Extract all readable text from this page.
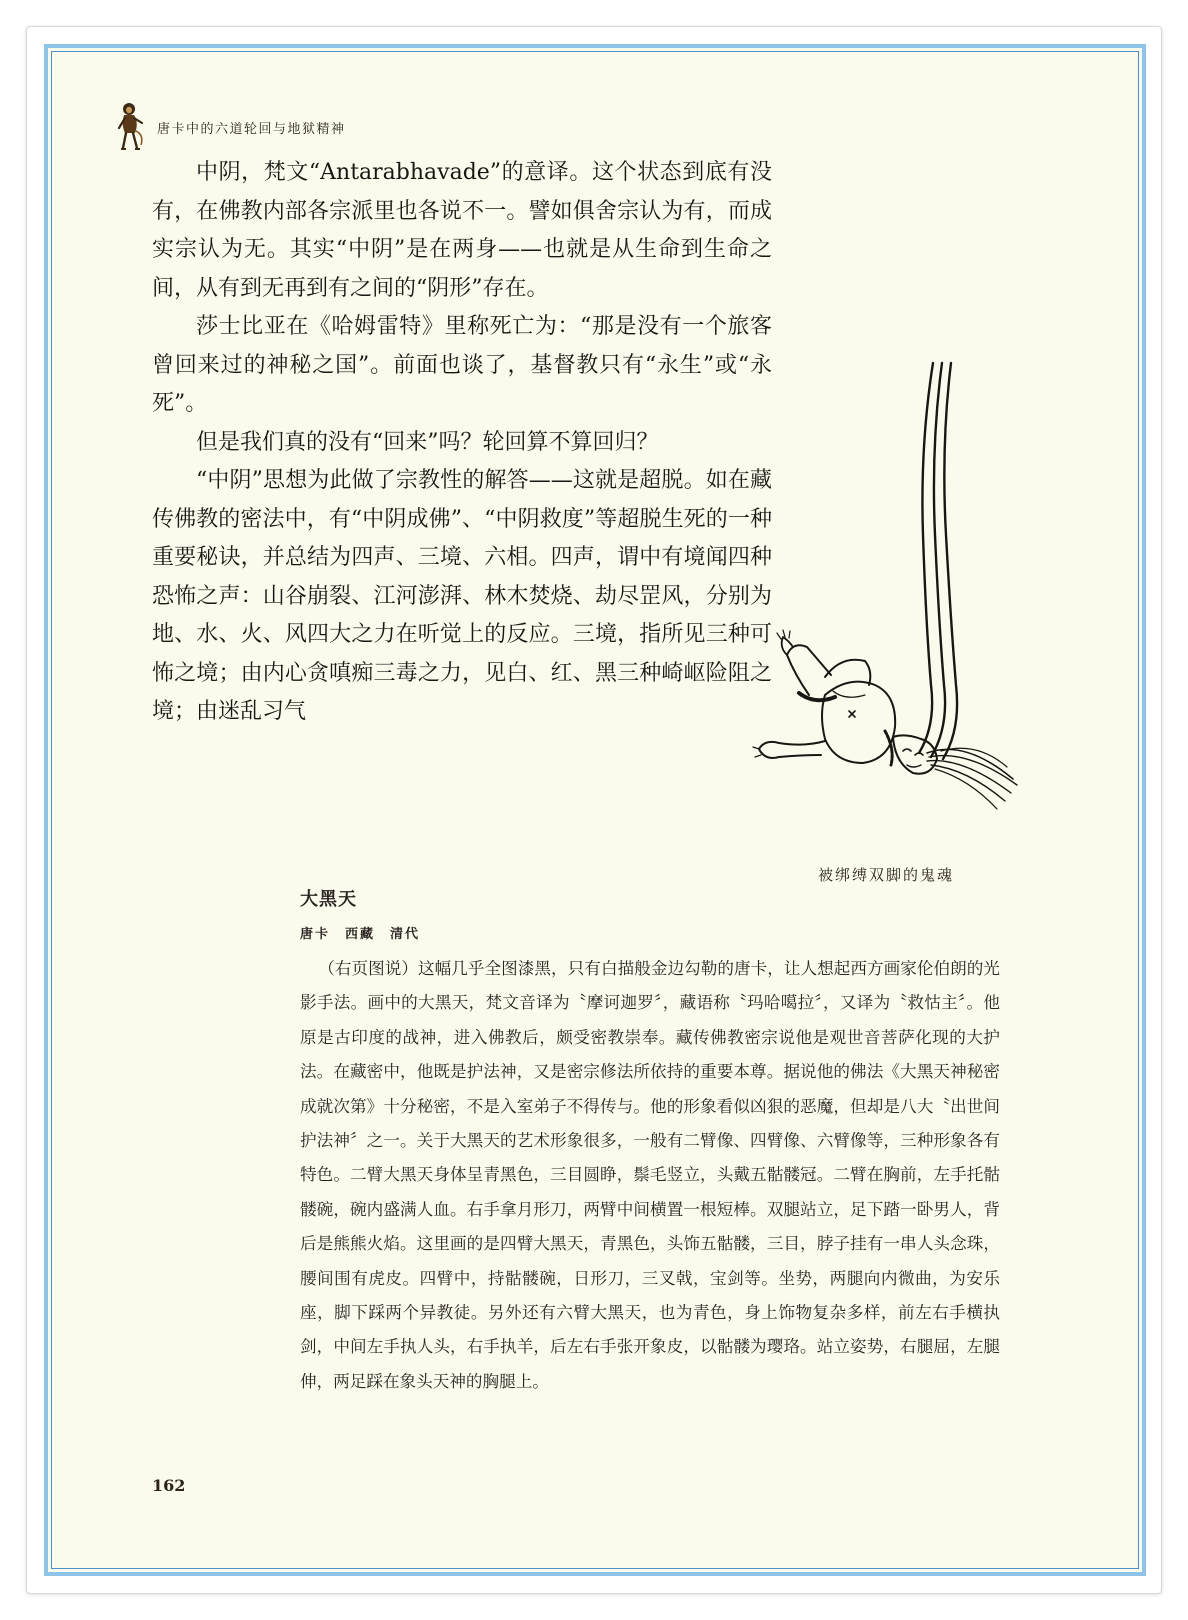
唐卡中的六道轮回与地狱精神

中阴，梵文“Antarabhavade”的意译。这个状态到底有没有，在佛教内部各宗派里也各说不一。譬如俱舍宗认为有，而成实宗认为无。其实“中阴”是在两身——也就是从生命到生命之间，从有到无再到有之间的“阴形”存在。

莎士比亚在《哈姆雷特》里称死亡为：“那是没有一个旅客曾回来过的神秘之国”。前面也谈了，基督教只有“永生”或“永死”。

但是我们真的没有“回来”吗？轮回算不算回归？

“中阴”思想为此做了宗教性的解答——这就是超脱。如在藏传佛教的密法中，有“中阴成佛”、“中阴救度”等超脱生死的一种重要秘诀，并总结为四声、三境、六相。四声，谓中有境闻四种恐怖之声：山谷崩裂、江河澎湃、林木焚烧、劫尽罡风，分别为地、水、火、风四大之力在听觉上的反应。三境，指所见三种可怖之境；由内心贪嗔痴三毒之力，见白、红、黑三种崎岖险阻之境；由迷乱习气

被绑缚双脚的鬼魂
大黑天
唐卡　西藏　清代

（右页图说）这幅几乎全图漆黑，只有白描般金边勾勒的唐卡，让人想起西方画家伦伯朗的光影手法。画中的大黑天，梵文音译为〝摩诃迦罗〞，藏语称〝玛哈噶拉〞，又译为〝救怙主〞。他原是古印度的战神，进入佛教后，颇受密教崇奉。藏传佛教密宗说他是观世音菩萨化现的大护法。在藏密中，他既是护法神，又是密宗修法所依持的重要本尊。据说他的佛法《大黑天神秘密成就次第》十分秘密，不是入室弟子不得传与。他的形象看似凶狠的恶魔，但却是八大〝出世间护法神〞之一。关于大黑天的艺术形象很多，一般有二臂像、四臂像、六臂像等，三种形象各有特色。二臂大黑天身体呈青黑色，三目圆睁，鬃毛竖立，头戴五骷髅冠。二臂在胸前，左手托骷髅碗，碗内盛满人血。右手拿月形刀，两臂中间横置一根短棒。双腿站立，足下踏一卧男人，背后是熊熊火焰。这里画的是四臂大黑天，青黑色，头饰五骷髅，三目，脖子挂有一串人头念珠，腰间围有虎皮。四臂中，持骷髅碗，日形刀，三叉戟，宝剑等。坐势，两腿向内微曲，为安乐座，脚下踩两个异教徒。另外还有六臂大黑天，也为青色，身上饰物复杂多样，前左右手横执剑，中间左手执人头，右手执羊，后左右手张开象皮，以骷髅为璎珞。站立姿势，右腿屈，左腿伸，两足踩在象头天神的胸腿上。

162
